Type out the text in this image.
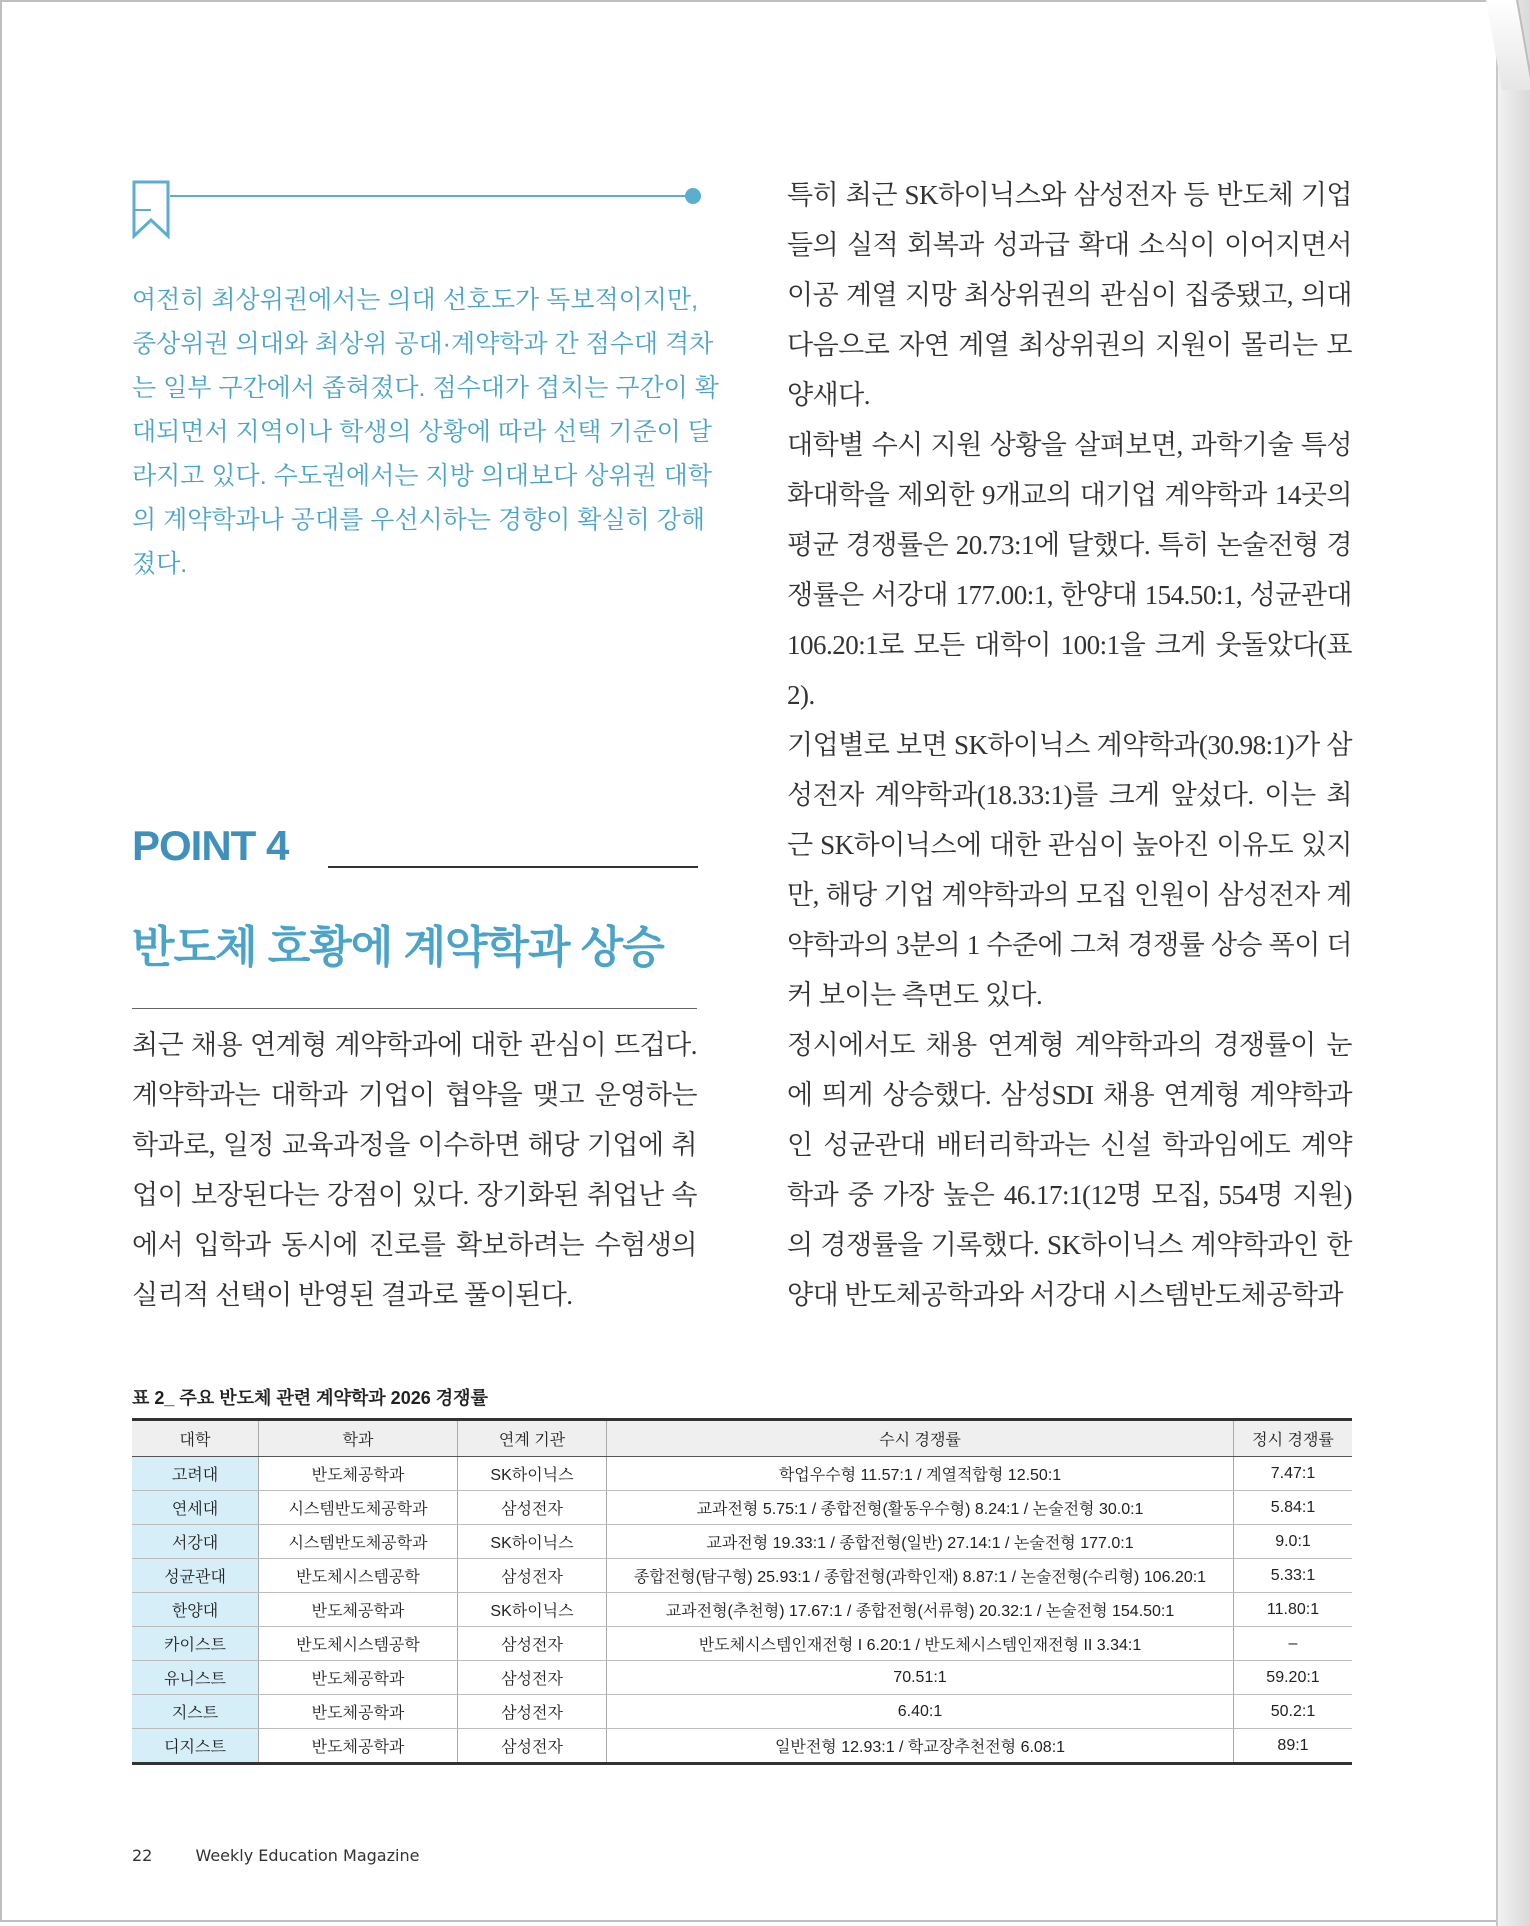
여전히 최상위권에서는 의대 선호도가 독보적이지만, 중상위권 의대와 최상위 공대·계약학과 간 점수대 격차는 일부 구간에서 좁혀졌다. 점수대가 겹치는 구간이 확대되면서 지역이나 학생의 상황에 따라 선택 기준이 달라지고 있다. 수도권에서는 지방 의대보다 상위권 대학의 계약학과나 공대를 우선시하는 경향이 확실히 강해졌다.

POINT 4
반도체 호황에 계약학과 상승

최근 채용 연계형 계약학과에 대한 관심이 뜨겁다. 계약학과는 대학과 기업이 협약을 맺고 운영하는 학과로, 일정 교육과정을 이수하면 해당 기업에 취업이 보장된다는 강점이 있다. 장기화된 취업난 속에서 입학과 동시에 진로를 확보하려는 수험생의 실리적 선택이 반영된 결과로 풀이된다.

특히 최근 SK하이닉스와 삼성전자 등 반도체 기업들의 실적 회복과 성과급 확대 소식이 이어지면서 이공 계열 지망 최상위권의 관심이 집중됐고, 의대 다음으로 자연 계열 최상위권의 지원이 몰리는 모양새다.

대학별 수시 지원 상황을 살펴보면, 과학기술 특성화대학을 제외한 9개교의 대기업 계약학과 14곳의 평균 경쟁률은 20.73:1에 달했다. 특히 논술전형 경쟁률은 서강대 177.00:1, 한양대 154.50:1, 성균관대 106.20:1로 모든 대학이 100:1을 크게 웃돌았다(표 2).

기업별로 보면 SK하이닉스 계약학과(30.98:1)가 삼성전자 계약학과(18.33:1)를 크게 앞섰다. 이는 최근 SK하이닉스에 대한 관심이 높아진 이유도 있지만, 해당 기업 계약학과의 모집 인원이 삼성전자 계약학과의 3분의 1 수준에 그쳐 경쟁률 상승 폭이 더 커 보이는 측면도 있다.

정시에서도 채용 연계형 계약학과의 경쟁률이 눈에 띄게 상승했다. 삼성SDI 채용 연계형 계약학과인 성균관대 배터리학과는 신설 학과임에도 계약학과 중 가장 높은 46.17:1(12명 모집, 554명 지원)의 경쟁률을 기록했다. SK하이닉스 계약학과인 한양대 반도체공학과와 서강대 시스템반도체공학과

표 2_ 주요 반도체 관련 계약학과 2026 경쟁률

대학	학과	연계 기관	수시 경쟁률	정시 경쟁률
고려대	반도체공학과	SK하이닉스	학업우수형 11.57:1 / 계열적합형 12.50:1	7.47:1
연세대	시스템반도체공학과	삼성전자	교과전형 5.75:1 / 종합전형(활동우수형) 8.24:1 / 논술전형 30.0:1	5.84:1
서강대	시스템반도체공학과	SK하이닉스	교과전형 19.33:1 / 종합전형(일반) 27.14:1 / 논술전형 177.0:1	9.0:1
성균관대	반도체시스템공학	삼성전자	종합전형(탐구형) 25.93:1 / 종합전형(과학인재) 8.87:1 / 논술전형(수리형) 106.20:1	5.33:1
한양대	반도체공학과	SK하이닉스	교과전형(추천형) 17.67:1 / 종합전형(서류형) 20.32:1 / 논술전형 154.50:1	11.80:1
카이스트	반도체시스템공학	삼성전자	반도체시스템인재전형 I 6.20:1 / 반도체시스템인재전형 II 3.34:1	–
유니스트	반도체공학과	삼성전자	70.51:1	59.20:1
지스트	반도체공학과	삼성전자	6.40:1	50.2:1
디지스트	반도체공학과	삼성전자	일반전형 12.93:1 / 학교장추천전형 6.08:1	89:1
22	Weekly Education Magazine
